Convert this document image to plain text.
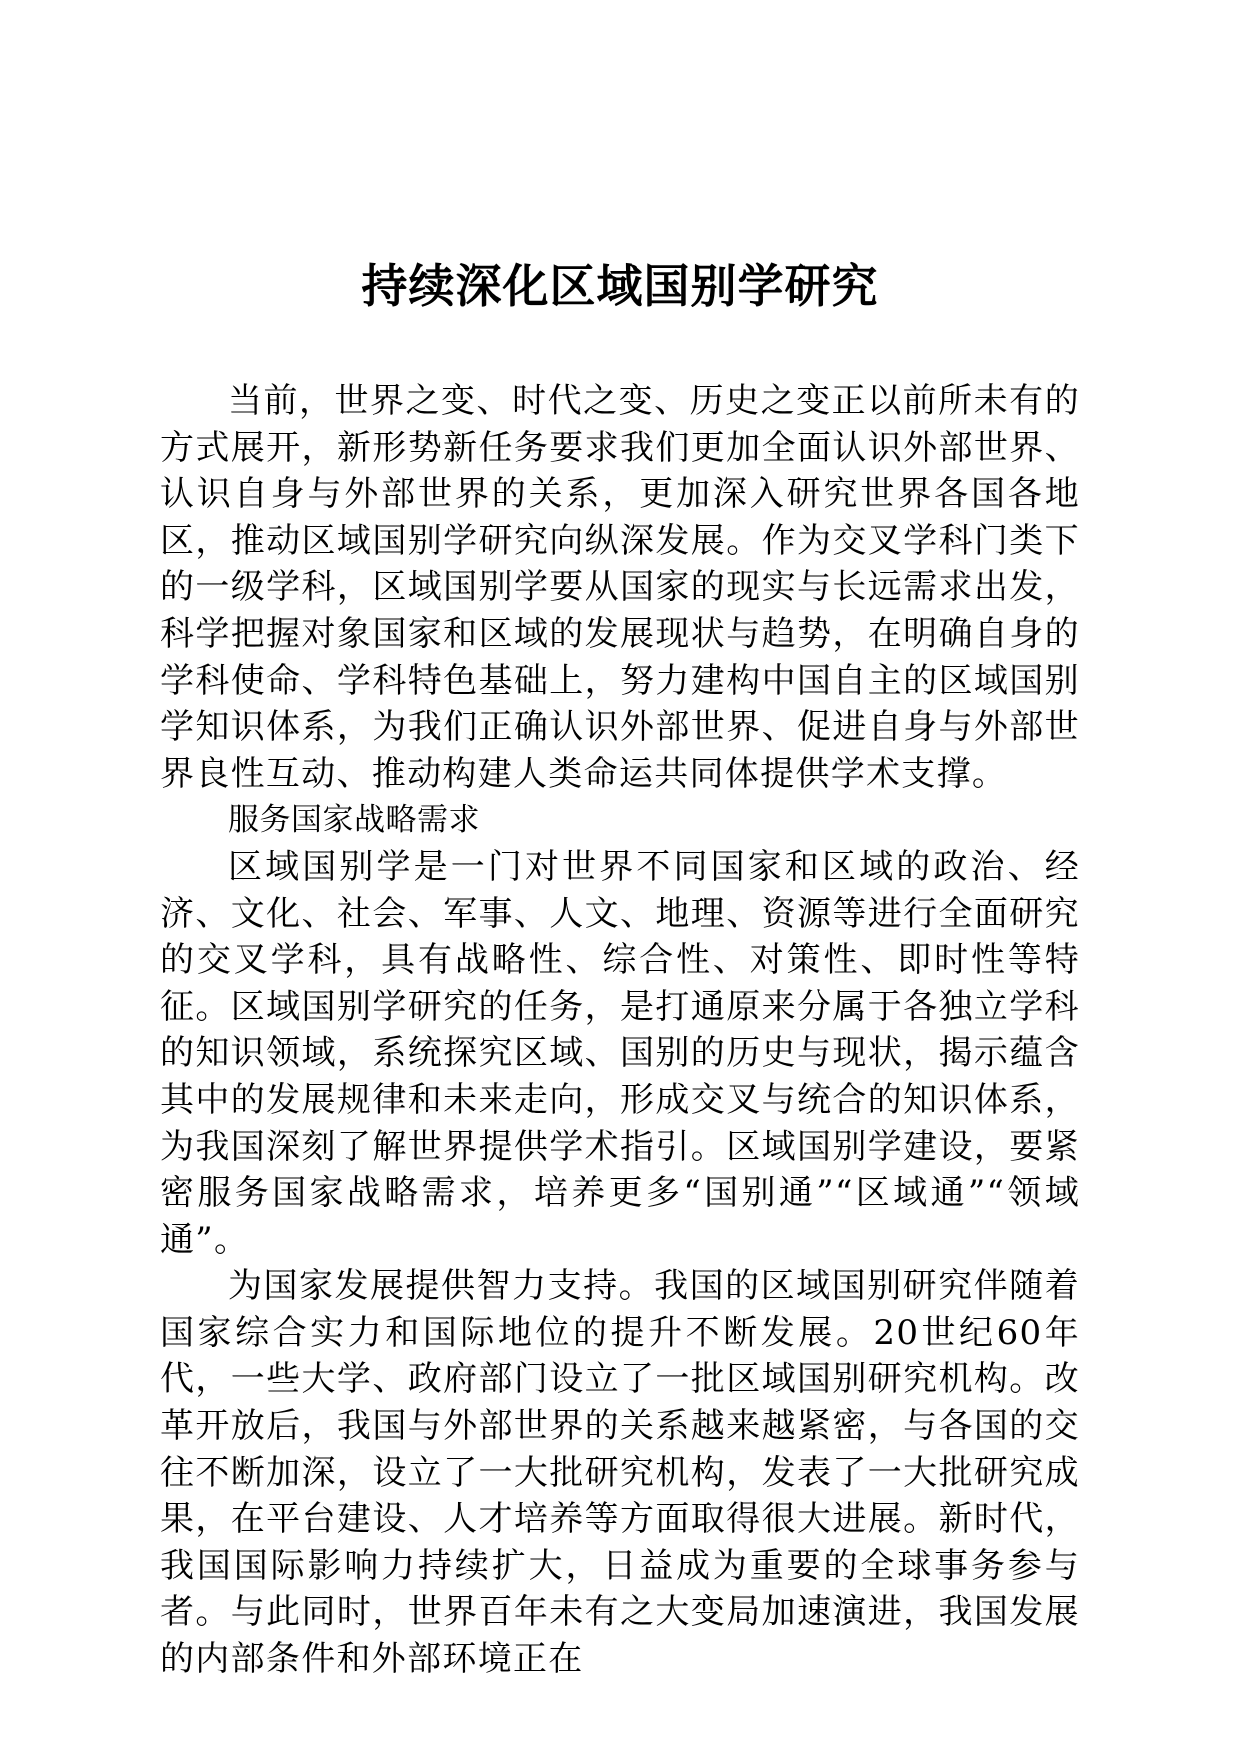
持续深化区域国别学研究

当前，世界之变、时代之变、历史之变正以前所未有的方式展开，新形势新任务要求我们更加全面认识外部世界、认识自身与外部世界的关系，更加深入研究世界各国各地区，推动区域国别学研究向纵深发展。作为交叉学科门类下的一级学科，区域国别学要从国家的现实与长远需求出发，科学把握对象国家和区域的发展现状与趋势，在明确自身的学科使命、学科特色基础上，努力建构中国自主的区域国别学知识体系，为我们正确认识外部世界、促进自身与外部世界良性互动、推动构建人类命运共同体提供学术支撑。

服务国家战略需求

区域国别学是一门对世界不同国家和区域的政治、经济、文化、社会、军事、人文、地理、资源等进行全面研究的交叉学科，具有战略性、综合性、对策性、即时性等特征。区域国别学研究的任务，是打通原来分属于各独立学科的知识领域，系统探究区域、国别的历史与现状，揭示蕴含其中的发展规律和未来走向，形成交叉与统合的知识体系，为我国深刻了解世界提供学术指引。区域国别学建设，要紧密服务国家战略需求，培养更多“国别通”“区域通”“领域通”。

为国家发展提供智力支持。我国的区域国别研究伴随着国家综合实力和国际地位的提升不断发展。20世纪60年代，一些大学、政府部门设立了一批区域国别研究机构。改革开放后，我国与外部世界的关系越来越紧密，与各国的交往不断加深，设立了一大批研究机构，发表了一大批研究成果，在平台建设、人才培养等方面取得很大进展。新时代，我国国际影响力持续扩大，日益成为重要的全球事务参与者。与此同时，世界百年未有之大变局加速演进，我国发展的内部条件和外部环境正在
